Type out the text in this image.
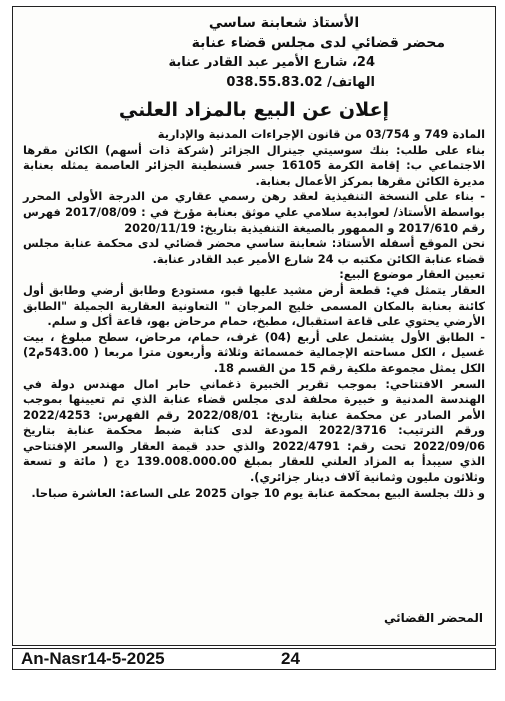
الأستاذ شعابنة ساسي
محضر قضائي لدى مجلس قضاء عنابة
24، شارع الأمير عبد القادر عنابة
الهاتف/ 038.55.83.02
إعلان عن البيع بالمزاد العلني

المادة 749 و 03/754 من قانون الإجراءات المدنية والإدارية

بناء على طلب: بنك سوسيتي جينرال الجزائر (شركة ذات أسهم) الكائن مقرها الاجتماعي ب: إقامة الكرمة 16105 جسر قسنطينة الجزائر العاصمة يمثله بعنابة مديرة الكائن مقرها بمركز الأعمال بعنابة.

- بناء على النسخة التنفيذية لعقد رهن رسمي عقاري من الدرجة الأولى المحرر بواسطة الأستاذ/ لعوابدية سلامي علي موثق بعنابة مؤرخ في : 2017/08/09 فهرس رقم 2017/610 و الممهور بالصيغة التنفيذية بتاريخ: 2020/11/19

نحن الموقع أسفله الأستاذ: شعابنة ساسي محضر قضائي لدى محكمة عنابة مجلس قضاء عنابة الكائن مكتبه ب 24 شارع الأمير عبد القادر عنابة.

تعيين العقار موضوع البيع:

العقار يتمثل في: قطعة أرض مشيد عليها قبو، مستودع وطابق أرضي وطابق أول كائنة بعنابة بالمكان المسمى خليج المرجان " التعاونية العقارية الجميلة "الطابق الأرضي يحتوي على قاعة استقبال، مطبخ، حمام مرحاض بهو، قاعة أكل و سلم.

- الطابق الأول يشتمل على أربع (04) غرف، حمام، مرحاض، سطح مبلوغ ، بيت غسيل ، الكل مساحته الإجمالية خمسمائة وثلاثة وأربعون مترا مربعا ( 543.00م2) الكل يمثل مجموعة ملكية رقم 15 من القسم 18.

السعر الافتتاحي: بموجب تقرير الخبيرة ذغماني حابر امال مهندس دولة في الهندسة المدنية و خبيرة محلفة لدى مجلس قضاء عنابة الذي تم تعيينها بموجب الأمر الصادر عن محكمة عنابة بتاريخ: 2022/08/01 رقم الفهرس: 2022/4253 ورقم الترتيب: 2022/3716 المودعة لدى كتابة ضبط محكمة عنابة بتاريخ 2022/09/06 تحت رقم: 2022/4791 والذي حدد قيمة العقار والسعر الإفتتاحي الذي سيبدأ به المزاد العلني للعقار بمبلغ 139.008.000.00 دج ( مائة و تسعة وثلاثون مليون وثمانية آلاف دينار جزائري).

و ذلك بجلسة البيع بمحكمة عنابة يوم 10 جوان 2025 على الساعة: العاشرة صباحا.

المحضر القضائي
An-Nasr14-5-2025	24
